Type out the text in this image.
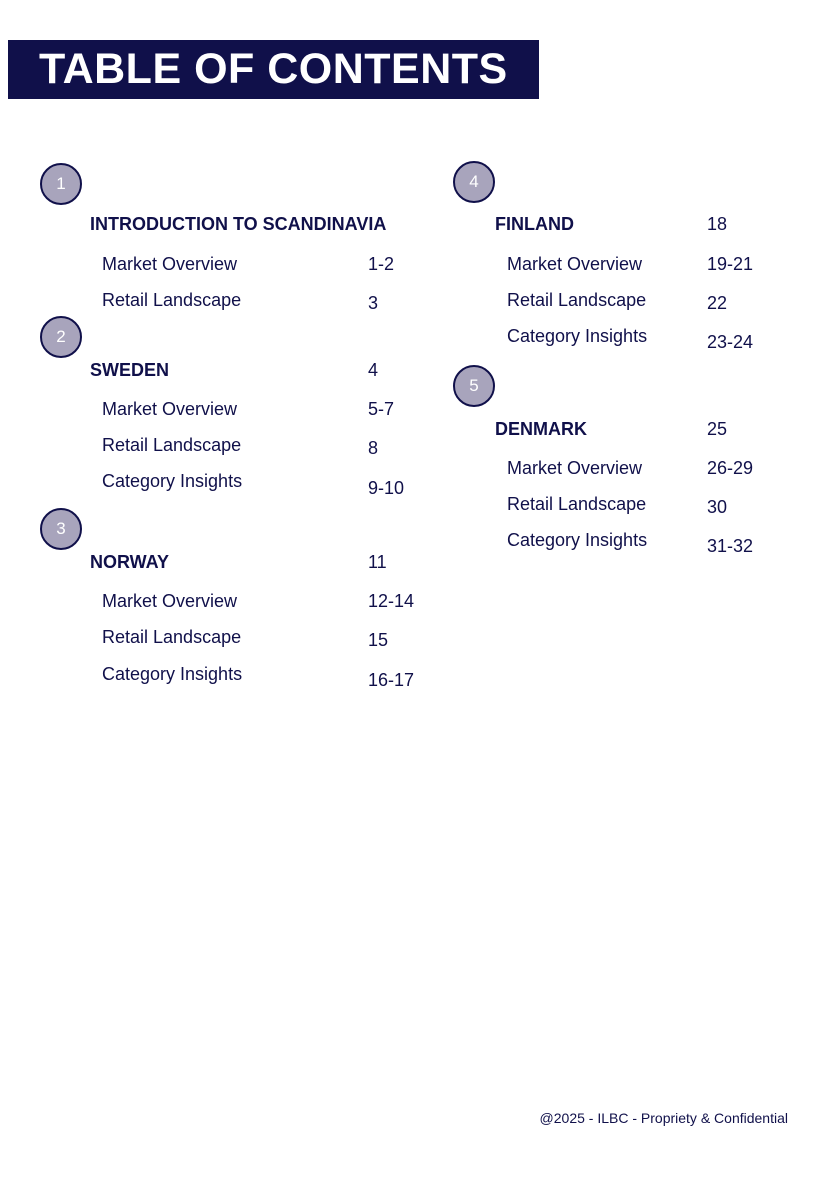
TABLE OF CONTENTS
1
INTRODUCTION TO SCANDINAVIA
Market Overview	1-2
Retail Landscape	3
2
SWEDEN	4
Market Overview	5-7
Retail Landscape	8
Category Insights	9-10
3
NORWAY	11
Market Overview	12-14
Retail Landscape	15
Category Insights	16-17
4
FINLAND	18
Market Overview	19-21
Retail Landscape	22
Category Insights	23-24
5
DENMARK	25
Market Overview	26-29
Retail Landscape	30
Category Insights	31-32
@2025 - ILBC - Propriety & Confidential
